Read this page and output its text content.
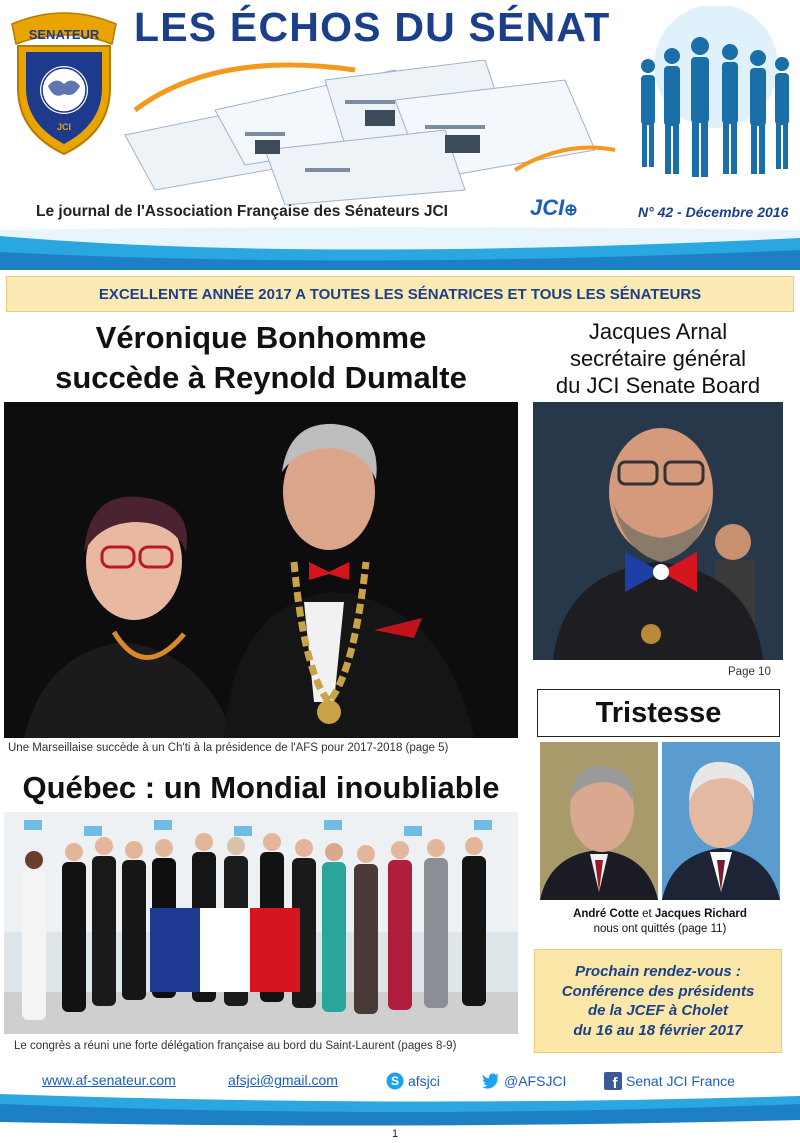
SENATEUR
JCI
LES ÉCHOS DU SÉNAT
Le journal de l'Association Française des Sénateurs JCI	JCI⊕	N° 42 - Décembre 2016
EXCELLENTE ANNÉE 2017 A TOUTES LES SÉNATRICES ET TOUS LES SÉNATEURS
Véronique Bonhomme
succède à Reynold Dumalte
Une Marseillaise succède à un Ch'ti à la présidence de l'AFS pour 2017-2018 (page 5)
Jacques Arnal
secrétaire général
du JCI Senate Board
Page 10
Tristesse
André Cotte et Jacques Richard
nous ont quittés (page 11)
Québec : un Mondial inoubliable
Le congrès a réuni une forte délégation française au bord du Saint-Laurent (pages 8-9)
Prochain rendez-vous :
Conférence des présidents
de la JCEF à Cholet
du 16 au 18 février 2017
www.af-senateur.com	afsjci@gmail.com	S afsjci	@AFSJCI	f Senat JCI France
1
